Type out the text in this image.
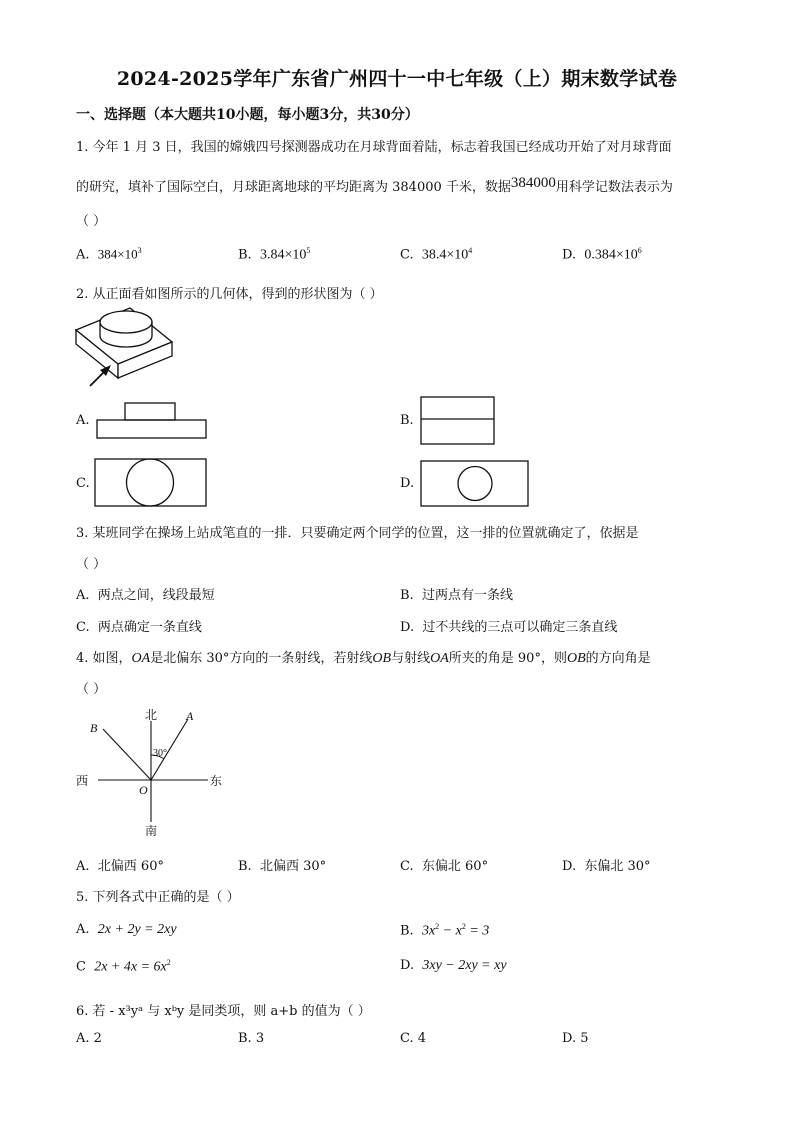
2024-2025学年广东省广州四十一中七年级（上）期末数学试卷
一、选择题（本大题共10小题，每小题3分，共30分）
1. 今年 1 月 3 日，我国的嫦娥四号探测器成功在月球背面着陆，标志着我国已经成功开始了对月球背面
的研究，填补了国际空白，月球距离地球的平均距离为 384000 千米，数据384000用科学记数法表示为
（ ）
A. $384\times 10^3$	B. $3.84\times 10^5$	C. $38.4\times 10^4$	D. $0.384\times 10^6$
2. 从正面看如图所示的几何体，得到的形状图为（ ）
A.	B.
C.	D.
3. 某班同学在操场上站成笔直的一排．只要确定两个同学的位置，这一排的位置就确定了，依据是
（ ）
A. 两点之间，线段最短	B. 过两点有一条线
C. 两点确定一条直线	D. 过不共线的三点可以确定三条直线
4. 如图，OA是北偏东 30°方向的一条射线，若射线OB与射线OA所夹的角是 90°，则OB的方向角是
（ ）
北
南
西	东
A
B
O
30°
A. 北偏西 60°	B. 北偏西 30°	C. 东偏北 60°	D. 东偏北 30°
5. 下列各式中正确的是（ ）
A. 2x + 2y = 2xy	B. $3x^2 - x^2 = 3$
C $2x + 4x = 6x^2$	D. 3xy − 2xy = xy
6. 若 - x³yᵃ 与 xᵇy 是同类项，则 a+b 的值为（ ）
A. 2	B. 3	C. 4	D. 5
